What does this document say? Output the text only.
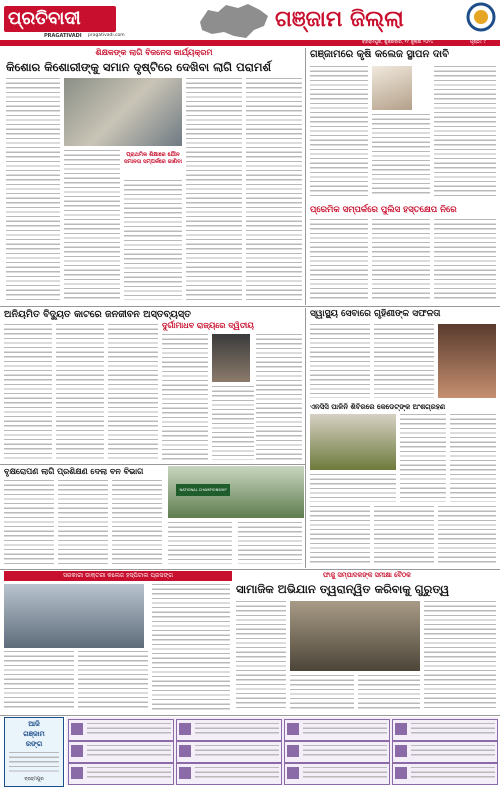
ପ୍ରତିବାଦୀ
PRAGATIVADI pragativadi.com
ଗଞ୍ଜାମ ଜିଲ୍ଲା
ବ୍ରହ୍ମପୁର, ଶୁକ୍ରବାର, ୧୯ ଜୁଲାଇ ୨୦୨୪	ପୃଷ୍ଠା: ୯
ଶିକ୍ଷକଙ୍କ ଲାଗି ବିଜନେସ କାର୍ଯ୍ୟକ୍ରମ
କିଶୋର କିଶୋରୀଙ୍କୁ ସମାନ ଦୃଷ୍ଟିରେ ଦେଖିବା ଲାଗି ପରାମର୍ଶ
ପ୍ରାଥମିକ ଶିକ୍ଷାରେ ଯୌନ ସମାନତା ସମ୍ପର୍କରେ ଜାଣିବା
ଗଞ୍ଜାମରେ କୃଷି କଲେଜ ସ୍ଥାପନ ଦାବି
ପ୍ରେମିକ ସମ୍ପର୍କରେ ପୁଲିସ ହସ୍ତକ୍ଷେପ ନିରେ
ଅନିୟମିତ ବିଦ୍ୟୁତ କାଟରେ ଜନଜୀବନ ଅସ୍ତବ୍ୟସ୍ତ
ଦୁର୍ଗାମାଧବ ରାଜ୍ୟରେ ଦ୍ୱିତୀୟ
ସ୍ୱାସ୍ଥ୍ୟ ସେବାରେ ଗୃହିଣୀଙ୍କ ସଫଳତା
ଏନସିସି ପାଳିନି ଶିବିରରେ କେଡେଟ୍‌ଙ୍କ ଅଂଶଗ୍ରହଣ
ବୃକ୍ଷରୋପଣ ଲାଗି ପ୍ରଶିକ୍ଷଣ ଦେଲା ବନ ବିଭାଗ
NATIONAL CHAMPIONSHIP
ସରକାରୀ ଡାକ୍ତରୀ କଲେଜ ହସ୍ପିଟାଲ ପ୍ରସଙ୍ଗ	ଫାଜୁ ସମ୍ପାଦକଙ୍କ ସମୀକ୍ଷା ବୈଠକ
ସାମାଜିକ ଅଭିଯାନ ତ୍ୱରାନ୍ୱିତ କରିବାକୁ ଗୁରୁତ୍ୱ
ଆଜି
ଗଞ୍ଜାମ
ରଙ୍ଗ
ବ୍ରହ୍ମପୁର
